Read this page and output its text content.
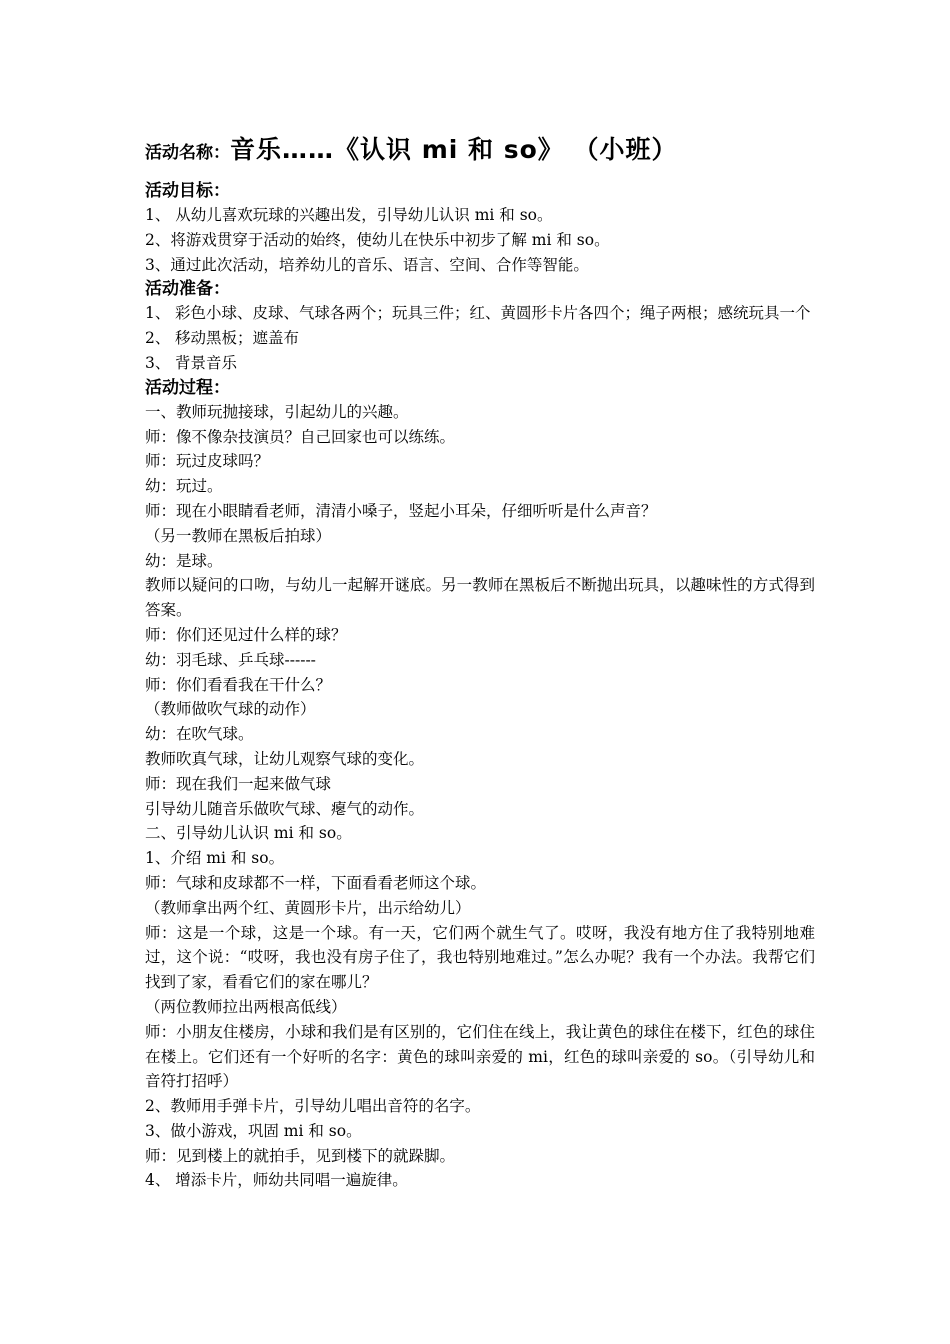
活动名称：音乐……《认识 mi 和 so》 （小班）

活动目标：

1、 从幼儿喜欢玩球的兴趣出发，引导幼儿认识 mi 和 so。

2、将游戏贯穿于活动的始终，使幼儿在快乐中初步了解 mi 和 so。

3、通过此次活动，培养幼儿的音乐、语言、空间、合作等智能。

活动准备：

1、 彩色小球、皮球、气球各两个；玩具三件；红、黄圆形卡片各四个；绳子两根；感统玩具一个
2、 移动黑板；遮盖布
3、 背景音乐

活动过程：

一、教师玩抛接球，引起幼儿的兴趣。

师：像不像杂技演员？自己回家也可以练练。

师：玩过皮球吗？

幼：玩过。

师：现在小眼睛看老师，清清小嗓子，竖起小耳朵，仔细听听是什么声音？

（另一教师在黑板后拍球）

幼：是球。

教师以疑问的口吻，与幼儿一起解开谜底。另一教师在黑板后不断抛出玩具，以趣味性的方式得到答案。

师：你们还见过什么样的球？

幼：羽毛球、乒乓球------

师：你们看看我在干什么？

（教师做吹气球的动作）

幼：在吹气球。

教师吹真气球，让幼儿观察气球的变化。

师：现在我们一起来做气球

引导幼儿随音乐做吹气球、瘪气的动作。

二、引导幼儿认识 mi 和 so。

1、介绍 mi 和 so。

师：气球和皮球都不一样，下面看看老师这个球。

（教师拿出两个红、黄圆形卡片，出示给幼儿）

师：这是一个球，这是一个球。有一天，它们两个就生气了。哎呀，我没有地方住了我特别地难过，这个说：“哎呀，我也没有房子住了，我也特别地难过。”怎么办呢？我有一个办法。我帮它们找到了家，看看它们的家在哪儿？

（两位教师拉出两根高低线）

师：小朋友住楼房，小球和我们是有区别的，它们住在线上，我让黄色的球住在楼下，红色的球住在楼上。它们还有一个好听的名字：黄色的球叫亲爱的 mi，红色的球叫亲爱的 so。（引导幼儿和音符打招呼）

2、教师用手弹卡片，引导幼儿唱出音符的名字。

3、做小游戏，巩固 mi 和 so。

师：见到楼上的就拍手，见到楼下的就跺脚。

4、 增添卡片，师幼共同唱一遍旋律。
